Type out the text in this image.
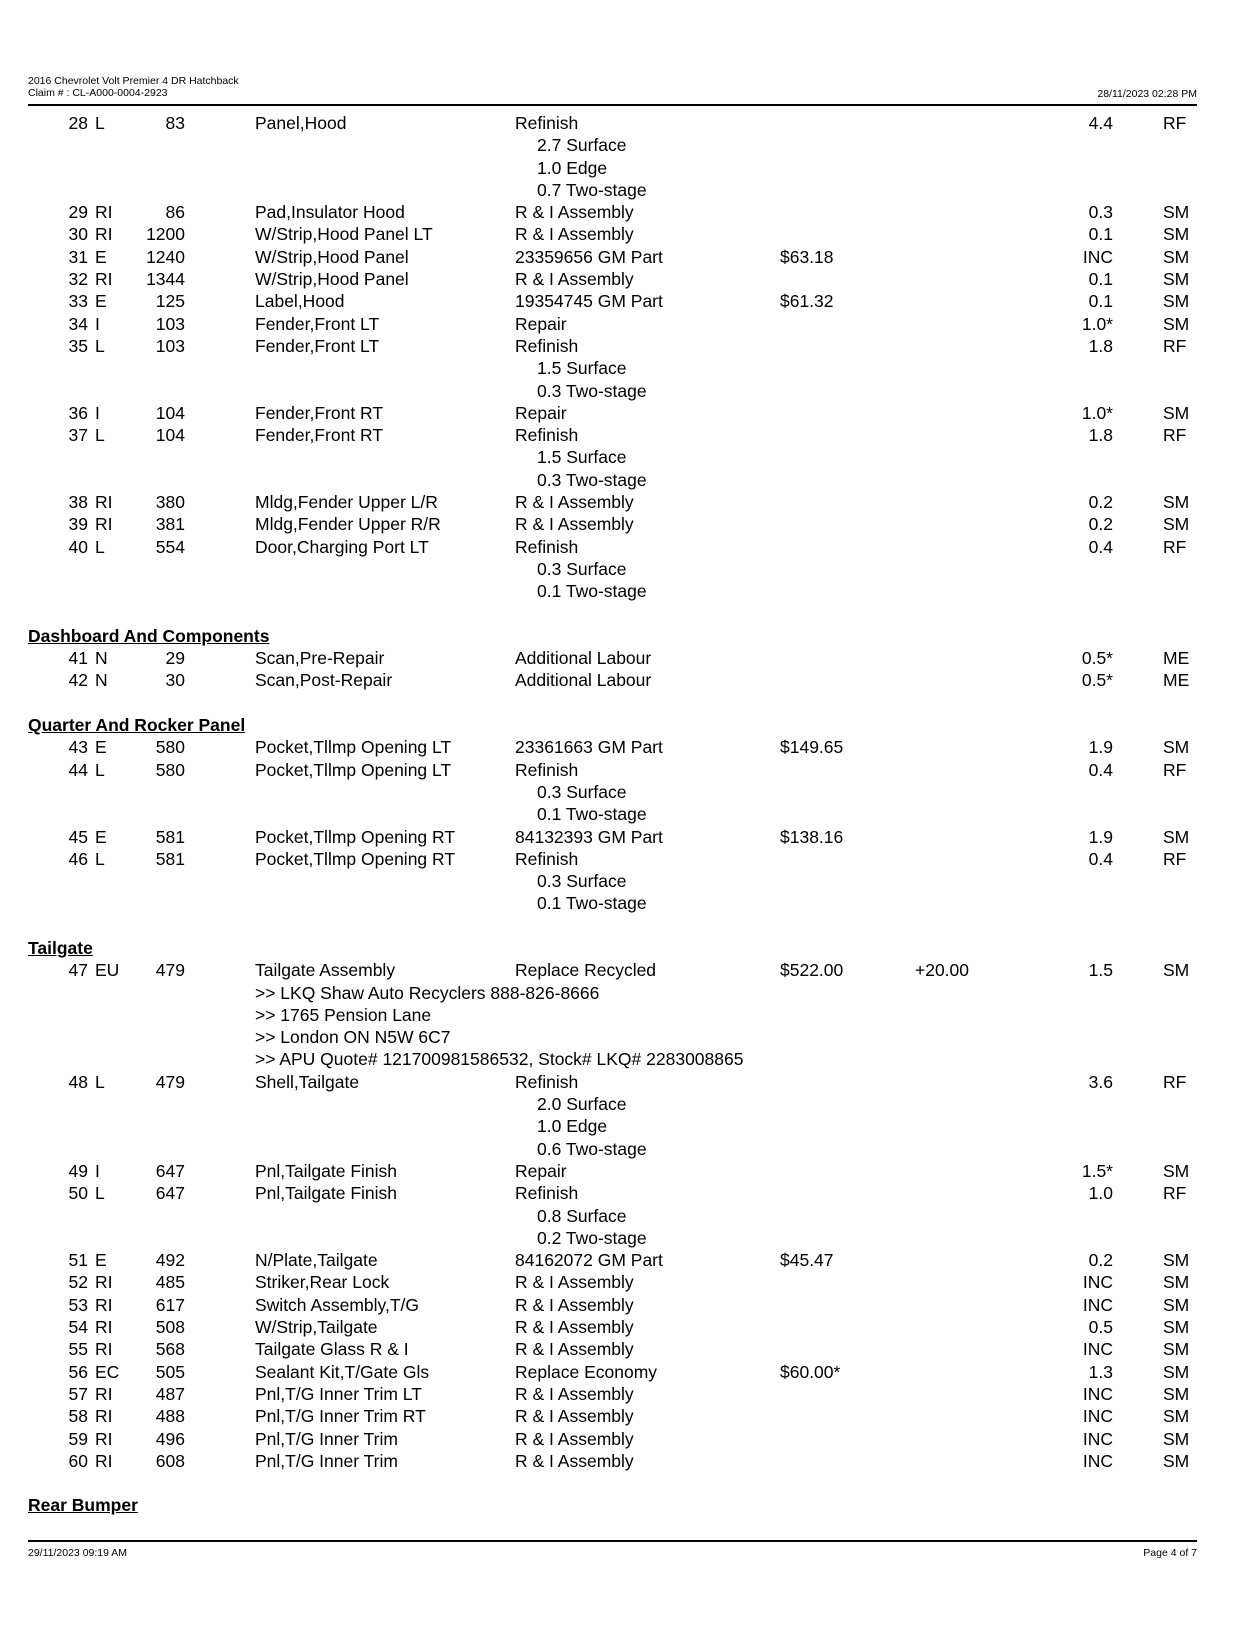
2016 Chevrolet Volt Premier 4 DR Hatchback
Claim # : CL-A000-0004-2923	28/11/2023 02:28 PM
28 L	83	Panel,Hood	Refinish	4.4	RF
2.7 Surface
1.0 Edge
0.7 Two-stage
29 RI	86	Pad,Insulator Hood	R & I Assembly	0.3	SM
30 RI 1200	W/Strip,Hood Panel LT	R & I Assembly	0.1	SM
31 E 1240	W/Strip,Hood Panel	23359656 GM Part	$63.18	INC	SM
32 RI 1344	W/Strip,Hood Panel	R & I Assembly	0.1	SM
33 E	125	Label,Hood	19354745 GM Part	$61.32	0.1	SM
34 I	103	Fender,Front LT	Repair	1.0*	SM
35 L	103	Fender,Front LT	Refinish	1.8	RF
1.5 Surface
0.3 Two-stage
36 I	104	Fender,Front RT	Repair	1.0*	SM
37 L	104	Fender,Front RT	Refinish	1.8	RF
1.5 Surface
0.3 Two-stage
38 RI 380	Mldg,Fender Upper L/R	R & I Assembly	0.2	SM
39 RI 381	Mldg,Fender Upper R/R	R & I Assembly	0.2	SM
40 L	554	Door,Charging Port LT	Refinish	0.4	RF
0.3 Surface
0.1 Two-stage
Dashboard And Components
41 N	29	Scan,Pre-Repair	Additional Labour	0.5*	ME
42 N	30	Scan,Post-Repair	Additional Labour	0.5*	ME
Quarter And Rocker Panel
43 E	580	Pocket,Tllmp Opening LT	23361663 GM Part	$149.65	1.9	SM
44 L	580	Pocket,Tllmp Opening LT	Refinish	0.4	RF
0.3 Surface
0.1 Two-stage
45 E	581	Pocket,Tllmp Opening RT	84132393 GM Part	$138.16	1.9	SM
46 L	581	Pocket,Tllmp Opening RT	Refinish	0.4	RF
0.3 Surface
0.1 Two-stage
Tailgate
47 EU 479	Tailgate Assembly	Replace Recycled	$522.00	+20.00	1.5	SM
>> LKQ Shaw Auto Recyclers 888-826-8666
>> 1765 Pension Lane
>> London ON N5W 6C7
>> APU Quote# 121700981586532, Stock# LKQ# 2283008865
48 L	479	Shell,Tailgate	Refinish	3.6	RF
2.0 Surface
1.0 Edge
0.6 Two-stage
49 I	647	Pnl,Tailgate Finish	Repair	1.5*	SM
50 L	647	Pnl,Tailgate Finish	Refinish	1.0	RF
0.8 Surface
0.2 Two-stage
51 E	492	N/Plate,Tailgate	84162072 GM Part	$45.47	0.2	SM
52 RI 485	Striker,Rear Lock	R & I Assembly	INC	SM
53 RI 617	Switch Assembly,T/G	R & I Assembly	INC	SM
54 RI 508	W/Strip,Tailgate	R & I Assembly	0.5	SM
55 RI 568	Tailgate Glass R & I	R & I Assembly	INC	SM
56 EC 505	Sealant Kit,T/Gate Gls	Replace Economy	$60.00*	1.3	SM
57 RI 487	Pnl,T/G Inner Trim LT	R & I Assembly	INC	SM
58 RI 488	Pnl,T/G Inner Trim RT	R & I Assembly	INC	SM
59 RI 496	Pnl,T/G Inner Trim	R & I Assembly	INC	SM
60 RI 608	Pnl,T/G Inner Trim	R & I Assembly	INC	SM
Rear Bumper
29/11/2023 09:19 AM	Page 4 of 7
